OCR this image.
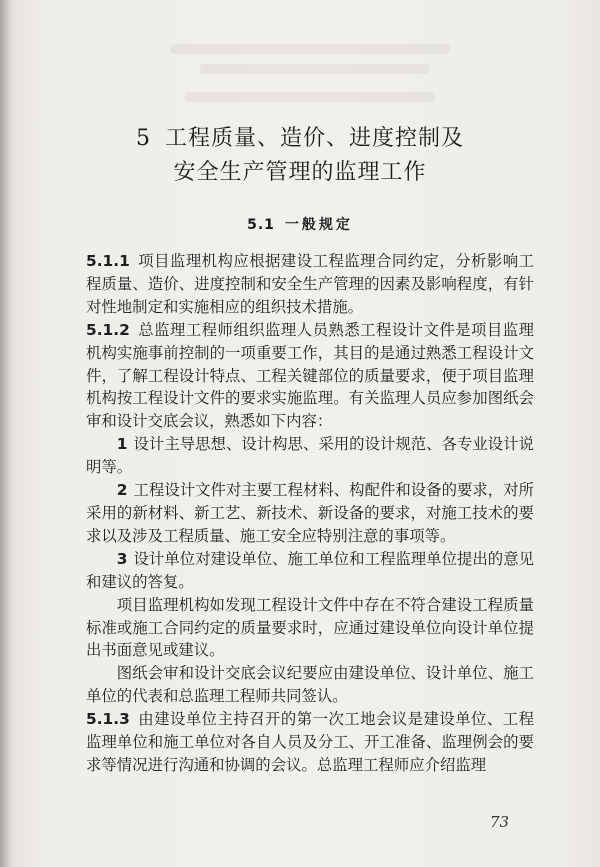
5 工程质量、造价、进度控制及
安全生产管理的监理工作
5.1 一般规定

5.1.1 项目监理机构应根据建设工程监理合同约定，分析影响工程质量、造价、进度控制和安全生产管理的因素及影响程度，有针对性地制定和实施相应的组织技术措施。

5.1.2 总监理工程师组织监理人员熟悉工程设计文件是项目监理机构实施事前控制的一项重要工作，其目的是通过熟悉工程设计文件，了解工程设计特点、工程关键部位的质量要求，便于项目监理机构按工程设计文件的要求实施监理。有关监理人员应参加图纸会审和设计交底会议，熟悉如下内容：

1 设计主导思想、设计构思、采用的设计规范、各专业设计说明等。

2 工程设计文件对主要工程材料、构配件和设备的要求，对所采用的新材料、新工艺、新技术、新设备的要求，对施工技术的要求以及涉及工程质量、施工安全应特别注意的事项等。

3 设计单位对建设单位、施工单位和工程监理单位提出的意见和建议的答复。

项目监理机构如发现工程设计文件中存在不符合建设工程质量标准或施工合同约定的质量要求时，应通过建设单位向设计单位提出书面意见或建议。

图纸会审和设计交底会议纪要应由建设单位、设计单位、施工单位的代表和总监理工程师共同签认。

5.1.3 由建设单位主持召开的第一次工地会议是建设单位、工程监理单位和施工单位对各自人员及分工、开工准备、监理例会的要求等情况进行沟通和协调的会议。总监理工程师应介绍监理

73
